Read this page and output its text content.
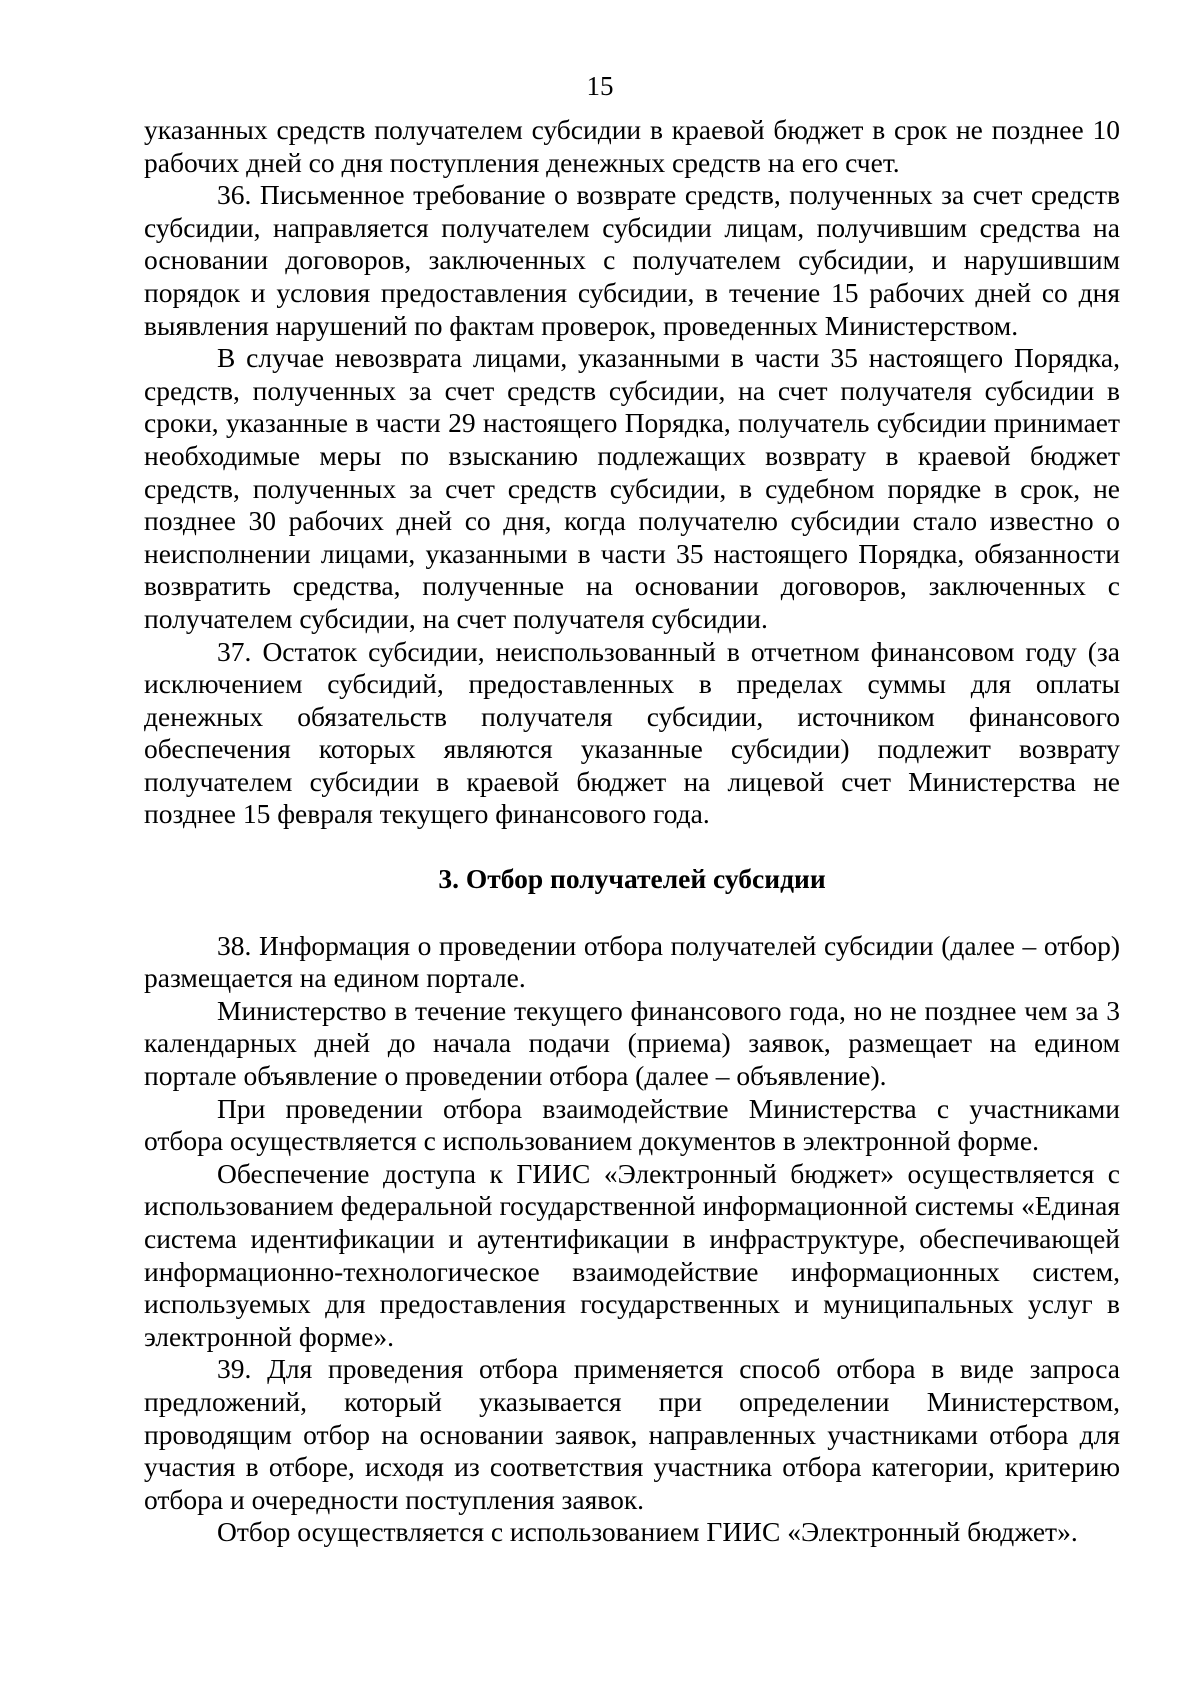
15

указанных средств получателем субсидии в краевой бюджет в срок не позднее 10 рабочих дней со дня поступления денежных средств на его счет.

36. Письменное требование о возврате средств, полученных за счет средств субсидии, направляется получателем субсидии лицам, получившим средства на основании договоров, заключенных с получателем субсидии, и нарушившим порядок и условия предоставления субсидии, в течение 15 рабочих дней со дня выявления нарушений по фактам проверок, проведенных Министерством.

В случае невозврата лицами, указанными в части 35 настоящего Порядка, средств, полученных за счет средств субсидии, на счет получателя субсидии в сроки, указанные в части 29 настоящего Порядка, получатель субсидии принимает необходимые меры по взысканию подлежащих возврату в краевой бюджет средств, полученных за счет средств субсидии, в судебном порядке в срок, не позднее 30 рабочих дней со дня, когда получателю субсидии стало известно о неисполнении лицами, указанными в части 35 настоящего Порядка, обязанности возвратить средства, полученные на основании договоров, заключенных с получателем субсидии, на счет получателя субсидии.

37. Остаток субсидии, неиспользованный в отчетном финансовом году (за исключением субсидий, предоставленных в пределах суммы для оплаты денежных обязательств получателя субсидии, источником финансового обеспечения которых являются указанные субсидии) подлежит возврату получателем субсидии в краевой бюджет на лицевой счет Министерства не позднее 15 февраля текущего финансового года.

3. Отбор получателей субсидии

38. Информация о проведении отбора получателей субсидии (далее – отбор) размещается на едином портале.

Министерство в течение текущего финансового года, но не позднее чем за 3 календарных дней до начала подачи (приема) заявок, размещает на едином портале объявление о проведении отбора (далее – объявление).

При проведении отбора взаимодействие Министерства с участниками отбора осуществляется с использованием документов в электронной форме.

Обеспечение доступа к ГИИС «Электронный бюджет» осуществляется с использованием федеральной государственной информационной системы «Единая система идентификации и аутентификации в инфраструктуре, обеспечивающей информационно-технологическое взаимодействие информационных систем, используемых для предоставления государственных и муниципальных услуг в электронной форме».

39. Для проведения отбора применяется способ отбора в виде запроса предложений, который указывается при определении Министерством, проводящим отбор на основании заявок, направленных участниками отбора для участия в отборе, исходя из соответствия участника отбора категории, критерию отбора и очередности поступления заявок.

Отбор осуществляется с использованием ГИИС «Электронный бюджет».
